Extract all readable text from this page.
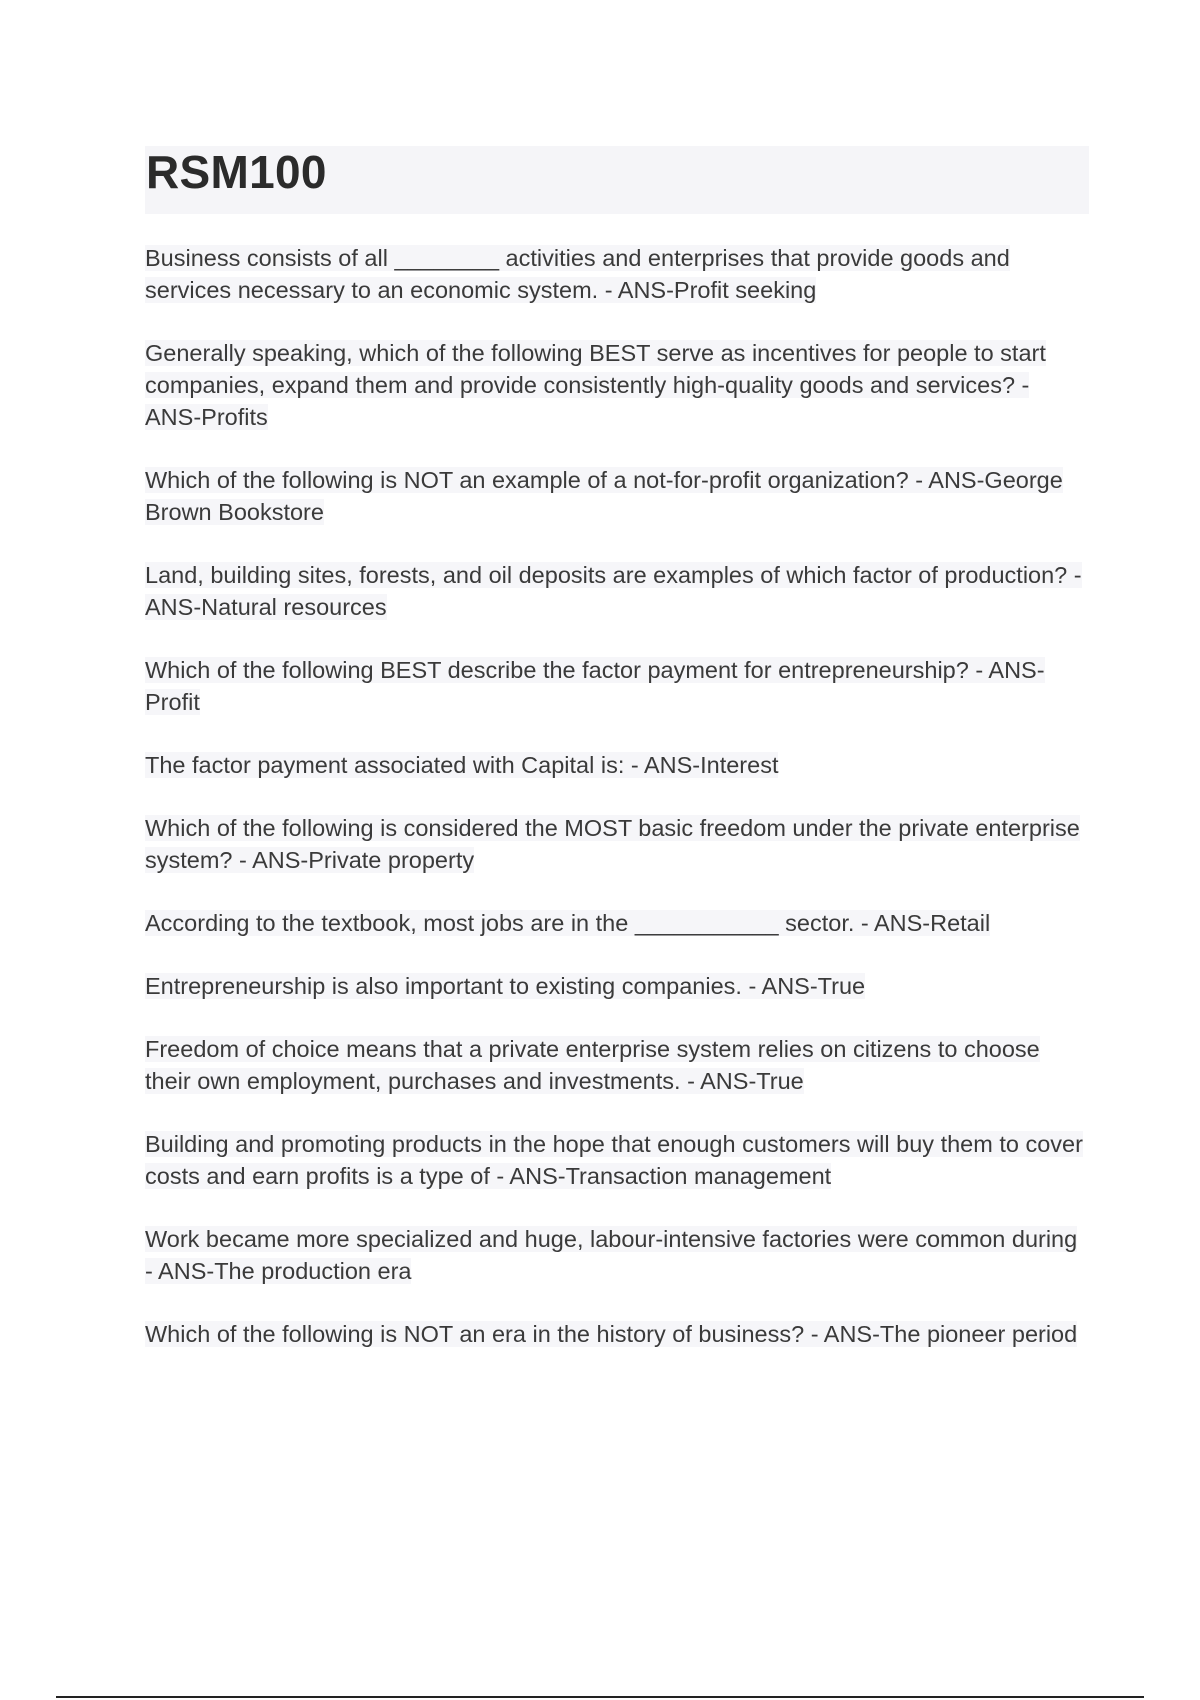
RSM100
Business consists of all ________ activities and enterprises that provide goods and services necessary to an economic system. - ANS-Profit seeking
Generally speaking, which of the following BEST serve as incentives for people to start companies, expand them and provide consistently high-quality goods and services? - ANS-Profits
Which of the following is NOT an example of a not-for-profit organization? - ANS-George Brown Bookstore
Land, building sites, forests, and oil deposits are examples of which factor of production? - ANS-Natural resources
Which of the following BEST describe the factor payment for entrepreneurship? - ANS-Profit
The factor payment associated with Capital is: - ANS-Interest
Which of the following is considered the MOST basic freedom under the private enterprise system? - ANS-Private property
According to the textbook, most jobs are in the ___________ sector. - ANS-Retail
Entrepreneurship is also important to existing companies. - ANS-True
Freedom of choice means that a private enterprise system relies on citizens to choose their own employment, purchases and investments. - ANS-True
Building and promoting products in the hope that enough customers will buy them to cover costs and earn profits is a type of - ANS-Transaction management
Work became more specialized and huge, labour-intensive factories were common during - ANS-The production era
Which of the following is NOT an era in the history of business? - ANS-The pioneer period
